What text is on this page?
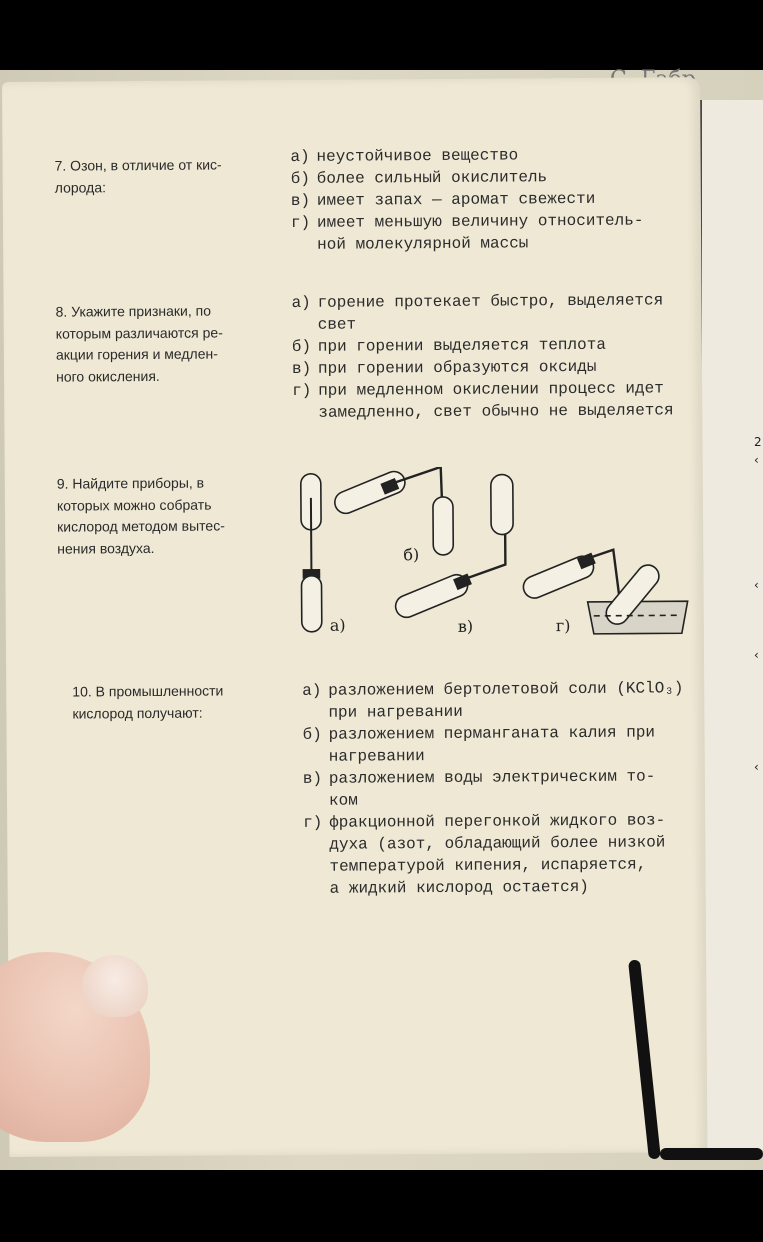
2
‹
‹
‹
‹
7. Озон, в отличие от кис-
лорода:
а) неустойчивое вещество
б) более сильный окислитель
в) имеет запах — аромат свежести
г) имеет меньшую величину относитель-
ной молекулярной массы
8. Укажите признаки, по
которым различаются ре-
акции горения и медлен-
ного окисления.
а) горение протекает быстро, выделяется
свет
б) при горении выделяется теплота
в) при горении образуются оксиды
г) при медленном окислении процесс идет
замедленно, свет обычно не выделяется
9. Найдите приборы, в
которых можно собрать
кислород методом вытес-
нения воздуха.
а)
б)
в)	г)
10. В промышленности
кислород получают:
а) разложением бертолетовой соли (KClO₃)
при нагревании
б) разложением перманганата калия при
нагревании
в) разложением воды электрическим то-
ком
г) фракционной перегонкой жидкого воз-
духа (азот, обладающий более низкой
температурой кипения, испаряется,
а жидкий кислород остается)
